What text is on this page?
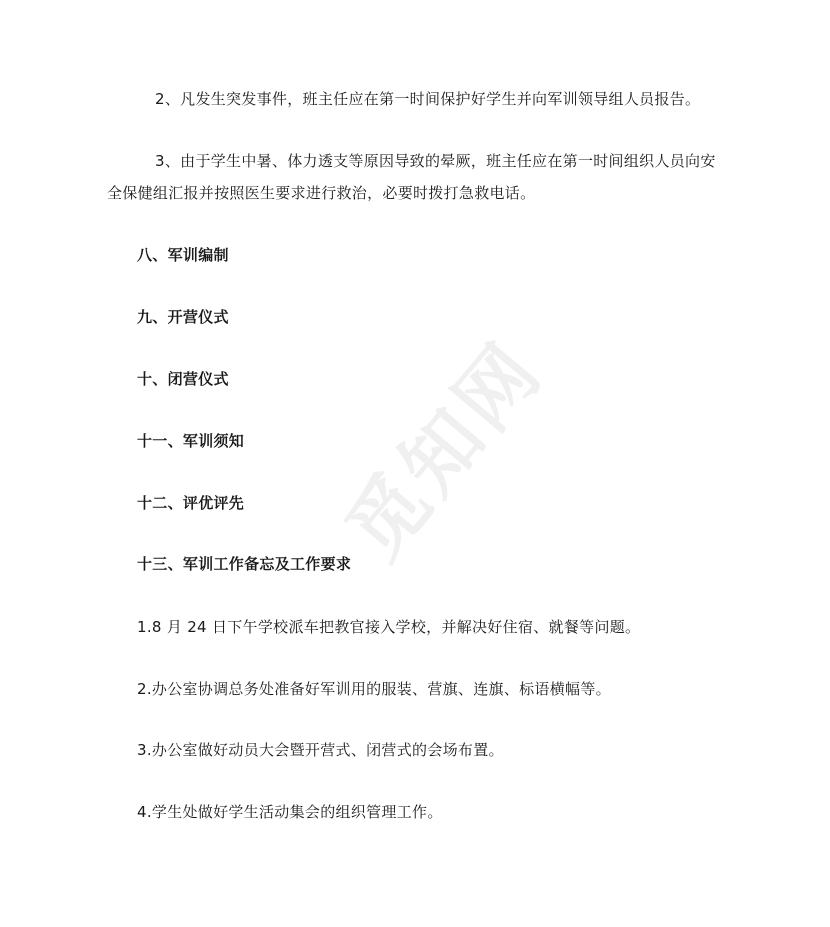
2、凡发生突发事件，班主任应在第一时间保护好学生并向军训领导组人员报告。
3、由于学生中暑、体力透支等原因导致的晕厥，班主任应在第一时间组织人员向安
全保健组汇报并按照医生要求进行救治，必要时拨打急救电话。
八、军训编制
九、开营仪式
十、闭营仪式
十一、军训须知
十二、评优评先
十三、军训工作备忘及工作要求
1.8 月 24 日下午学校派车把教官接入学校，并解决好住宿、就餐等问题。
2.办公室协调总务处准备好军训用的服装、营旗、连旗、标语横幅等。
3.办公室做好动员大会暨开营式、闭营式的会场布置。
4.学生处做好学生活动集会的组织管理工作。
觅知网
